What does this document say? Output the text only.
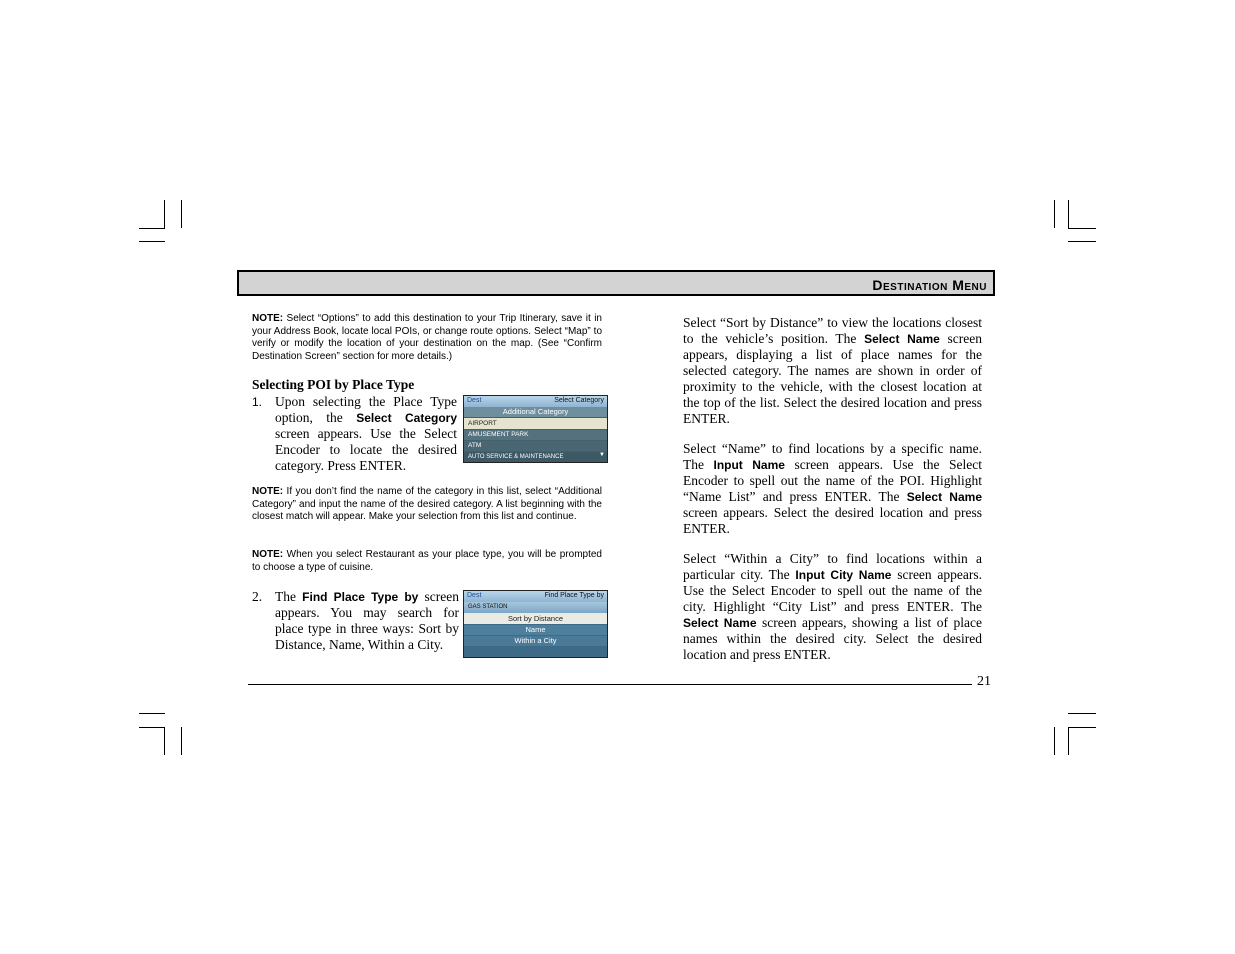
Destination Menu
NOTE: Select “Options” to add this destination to your Trip Itinerary, save it in your Address Book, locate local POIs, or change route options. Select “Map” to verify or modify the location of your destination on the map. (See “Confirm Destination Screen” section for more details.)
Selecting POI by Place Type
1. Upon selecting the Place Type option, the Select Category screen appears. Use the Select Encoder to locate the desired category. Press ENTER.
Dest	Select Category
Additional Category
AIRPORT
AMUSEMENT PARK
ATM
AUTO SERVICE & MAINTENANCE	▼
NOTE: If you don’t find the name of the category in this list, select “Additional Category” and input the name of the desired category. A list beginning with the closest match will appear. Make your selection from this list and continue.
NOTE: When you select Restaurant as your place type, you will be prompted to choose a type of cuisine.
2. The Find Place Type by screen appears. You may search for place type in three ways: Sort by Distance, Name, Within a City.
Dest	Find Place Type by
GAS STATION
Sort by Distance
Name
Within a City
Select “Sort by Distance” to view the locations closest to the vehicle’s position. The Select Name screen appears, displaying a list of place names for the selected category. The names are shown in order of proximity to the vehicle, with the closest location at the top of the list. Select the desired location and press ENTER.
Select “Name” to find locations by a specific name. The Input Name screen appears. Use the Select Encoder to spell out the name of the POI. Highlight “Name List” and press ENTER. The Select Name screen appears. Select the desired location and press ENTER.
Select “Within a City” to find locations within a particular city. The Input City Name screen appears. Use the Select Encoder to spell out the name of the city. Highlight “City List” and press ENTER. The Select Name screen appears, showing a list of place names within the desired city. Select the desired location and press ENTER.
21
